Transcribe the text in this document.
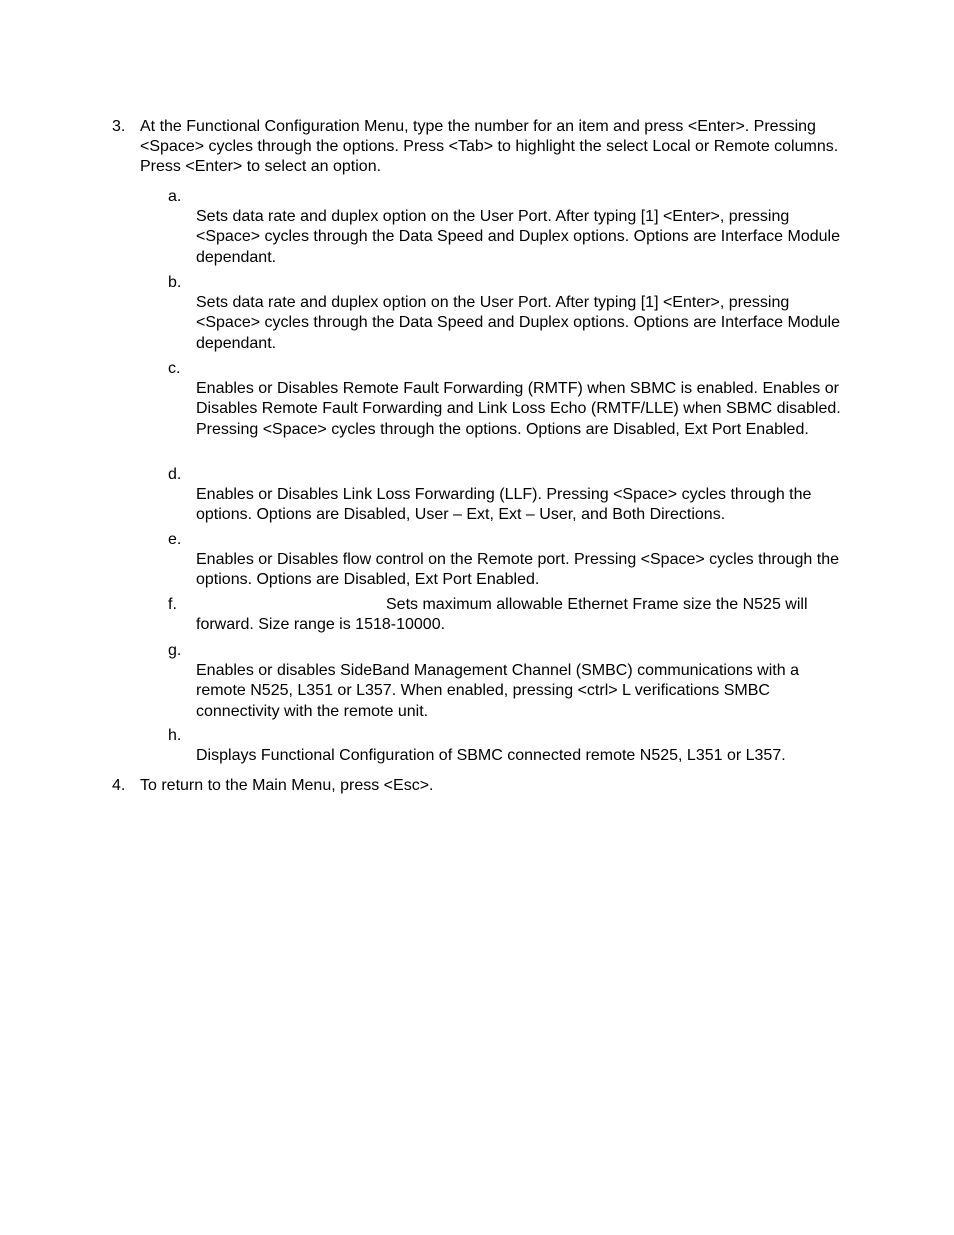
3. At the Functional Configuration Menu, type the number for an item and press <Enter>. Pressing <Space> cycles through the options. Press <Tab> to highlight the select Local or Remote columns. Press <Enter> to select an option.
a.
Sets data rate and duplex option on the User Port. After typing [1] <Enter>, pressing <Space> cycles through the Data Speed and Duplex options. Options are Interface Module dependant.
b.
Sets data rate and duplex option on the User Port. After typing [1] <Enter>, pressing <Space> cycles through the Data Speed and Duplex options. Options are Interface Module dependant.
c.
Enables or Disables Remote Fault Forwarding (RMTF) when SBMC is enabled. Enables or Disables Remote Fault Forwarding and Link Loss Echo (RMTF/LLE) when SBMC disabled. Pressing <Space> cycles through the options. Options are Disabled, Ext Port Enabled.
d.
Enables or Disables Link Loss Forwarding (LLF). Pressing <Space> cycles through the options. Options are Disabled, User – Ext, Ext – User, and Both Directions.
e.
Enables or Disables flow control on the Remote port. Pressing <Space> cycles through the options. Options are Disabled, Ext Port Enabled.
f.	Sets maximum allowable Ethernet Frame size the N525 will forward. Size range is 1518-10000.
g.
Enables or disables SideBand Management Channel (SMBC) communications with a remote N525, L351 or L357. When enabled, pressing <ctrl> L verifications SMBC connectivity with the remote unit.
h.
Displays Functional Configuration of SBMC connected remote N525, L351 or L357.
4. To return to the Main Menu, press <Esc>.
